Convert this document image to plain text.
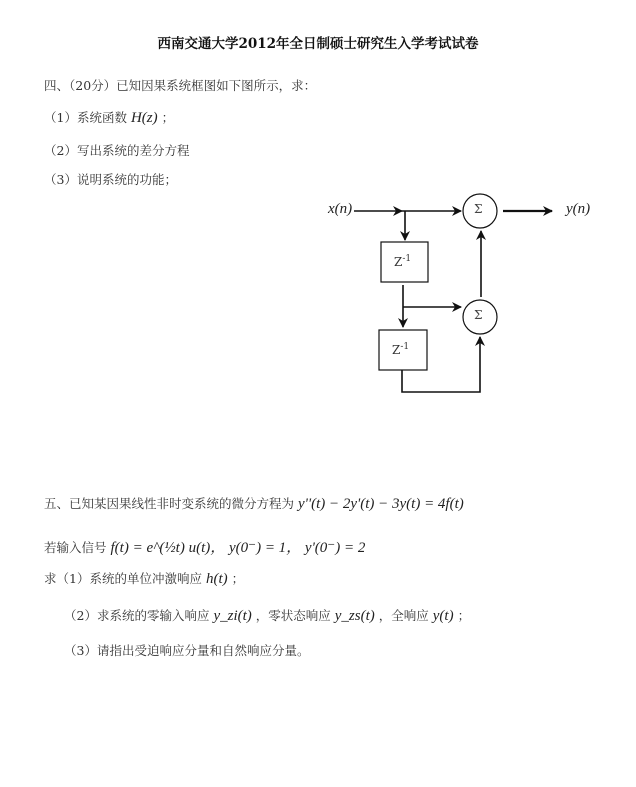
西南交通大学2012年全日制硕士研究生入学考试试卷
四、（20分）已知因果系统框图如下图所示，求：
（1）系统函数 H(z) ；
（2）写出系统的差分方程
（3）说明系统的功能；
x(n)	y(n)
Σ
Σ
$Z^{-1}$
$Z^{-1}$
五、已知某因果线性非时变系统的微分方程为 y''(t) − 2y'(t) − 3y(t) = 4f(t)
若输入信号 f(t) = e^(½t) u(t)， y(0⁻) = 1， y'(0⁻) = 2
求（1）系统的单位冲激响应 h(t) ；
（2）求系统的零输入响应 y_zi(t) ，零状态响应 y_zs(t) ，全响应 y(t) ；
（3）请指出受迫响应分量和自然响应分量。
